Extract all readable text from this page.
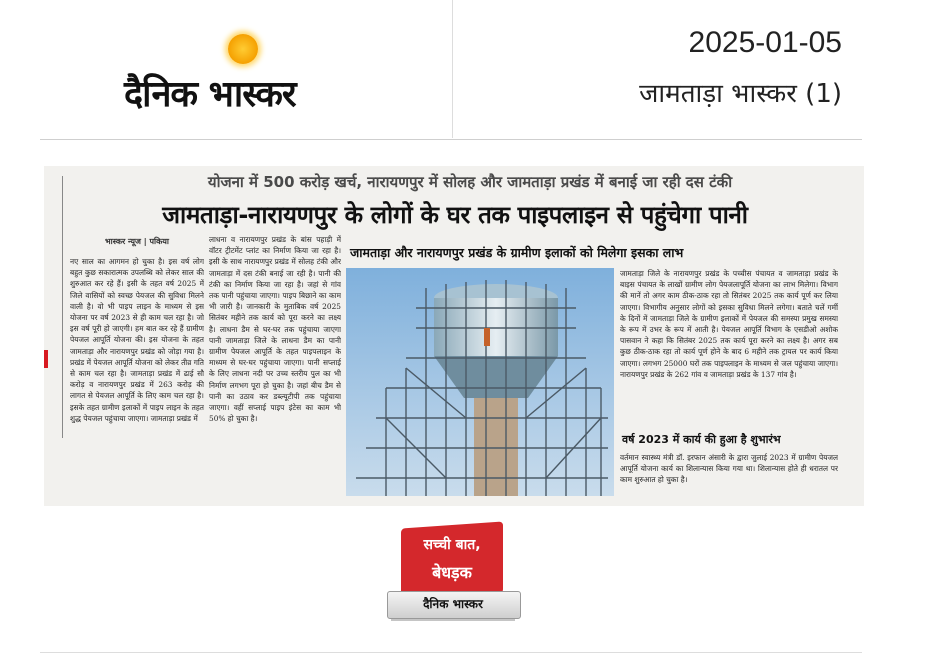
दैनिक भास्कर
2025-01-05
जामताड़ा भास्कर (1)
योजना में 500 करोड़ खर्च, नारायणपुर में सोलह और जामताड़ा प्रखंड में बनाई जा रही दस टंकी
जामताड़ा-नारायणपुर के लोगों के घर तक पाइपलाइन से पहुंचेगा पानी
भास्कर न्यूज | पकिया
नए साल का आगमन हो चुका है। इस वर्ष लोग बहुत कुछ सकारात्मक उपलब्धि को लेकर साल की शुरुआत कर रहे हैं। इसी के तहत वर्ष 2025 में जिले वासियों को स्वच्छ पेयजल की सुविधा मिलने वाली है। वो भी पाइप लाइन के माध्यम से इस योजना पर वर्ष 2023 से ही काम चल रहा है। जो इस वर्ष पूरी हो जाएगी। हम बात कर रहे हैं ग्रामीण पेयजल आपूर्ति योजना की। इस योजना के तहत जामताड़ा और नारायणपुर प्रखंड को जोड़ा गया है। प्रखंड में पेयजल आपूर्ति योजना को लेकर तीव्र गति से काम चल रहा है। जामताड़ा प्रखंड में ढाई सौ करोड़ व नारायणपुर प्रखंड में 263 करोड़ की लागत से पेयजल आपूर्ति के लिए काम चल रहा है। इसके तहत ग्रामीण इलाकों में पाइप लाइन के तहत शुद्ध पेयजल पहुंचाया जाएगा। जामताड़ा प्रखंड में
लाधना व नारायणपुर प्रखंड के बांस पहाड़ी में वॉटर ट्रीटमेंट प्लांट का निर्माण किया जा रहा है। इसी के साथ नारायणपुर प्रखंड में सोलह टंकी और जामताड़ा में दस टंकी बनाई जा रही है। पानी की टंकी का निर्माण किया जा रहा है। जहां से गांव तक पानी पहुंचाया जाएगा। पाइप बिछाने का काम भी जारी है। जानकारी के मुताबिक वर्ष 2025 सितंबर महीने तक कार्य को पूरा करने का लक्ष्य है। लाधना डैम से घर-घर तक पहुंचाया जाएगा पानी जामताड़ा जिले के लाधना डैम का पानी ग्रामीण पेयजल आपूर्ति के तहत पाइपलाइन के माध्यम से घर-घर पहुंचाया जाएगा। पानी सप्लाई के लिए लाधना नदी पर उच्च स्तरीय पुल का भी निर्माण लगभग पूरा हो चुका है। जहां बीच डैम से पानी का उठाव कर डब्ल्यूटीपी तक पहुंचाया जाएगा। वहीं सप्लाई पाइप इंटेस का काम भी 50% हो चुका है।
जामताड़ा और नारायणपुर प्रखंड के ग्रामीण इलाकों को मिलेगा इसका लाभ
जामताड़ा जिले के नारायणपुर प्रखंड के पच्चीस पंचायत व जामताड़ा प्रखंड के बाइस पंचायत के लाखों ग्रामीण लोग पेयजलापूर्ति योजना का लाभ मिलेगा। विभाग की मानें तो अगर काम ठीक-ठाक रहा तो सितंबर 2025 तक कार्य पूर्ण कर लिया जाएगा। विभागीय अनुसार लोगों को इसका सुविधा मिलने लगेगा। बताते चलें गर्मी के दिनों में जामताड़ा जिले के ग्रामीण इलाकों में पेयजल की समस्या प्रमुख समस्या के रूप में उभर के रूप में आती है। पेयजल आपूर्ति विभाग के एसडीओ अशोक पासवान ने कहा कि सितंबर 2025 तक कार्य पूरा करने का लक्ष्य है। अगर सब कुछ ठीक-ठाक रहा तो कार्य पूर्ण होने के बाद 6 महीने तक ट्रायल पर कार्य किया जाएगा। लगभग 25000 घरों तक पाइपलाइन के माध्यम से जल पहुंचाया जाएगा। नारायणपुर प्रखंड के 262 गांव व जामताड़ा प्रखंड के 137 गांव है।
वर्ष 2023 में कार्य की हुआ है शुभारंभ
वर्तमान स्वास्थ्य मंत्री डॉ. इरफान अंसारी के द्वारा जुलाई 2023 में ग्रामीण पेयजल आपूर्ति योजना कार्य का शिलान्यास किया गया था। शिलान्यास होते ही धरातल पर काम शुरुआत हो चुका है।
सच्ची बात,
बेधड़क
दैनिक भास्कर
